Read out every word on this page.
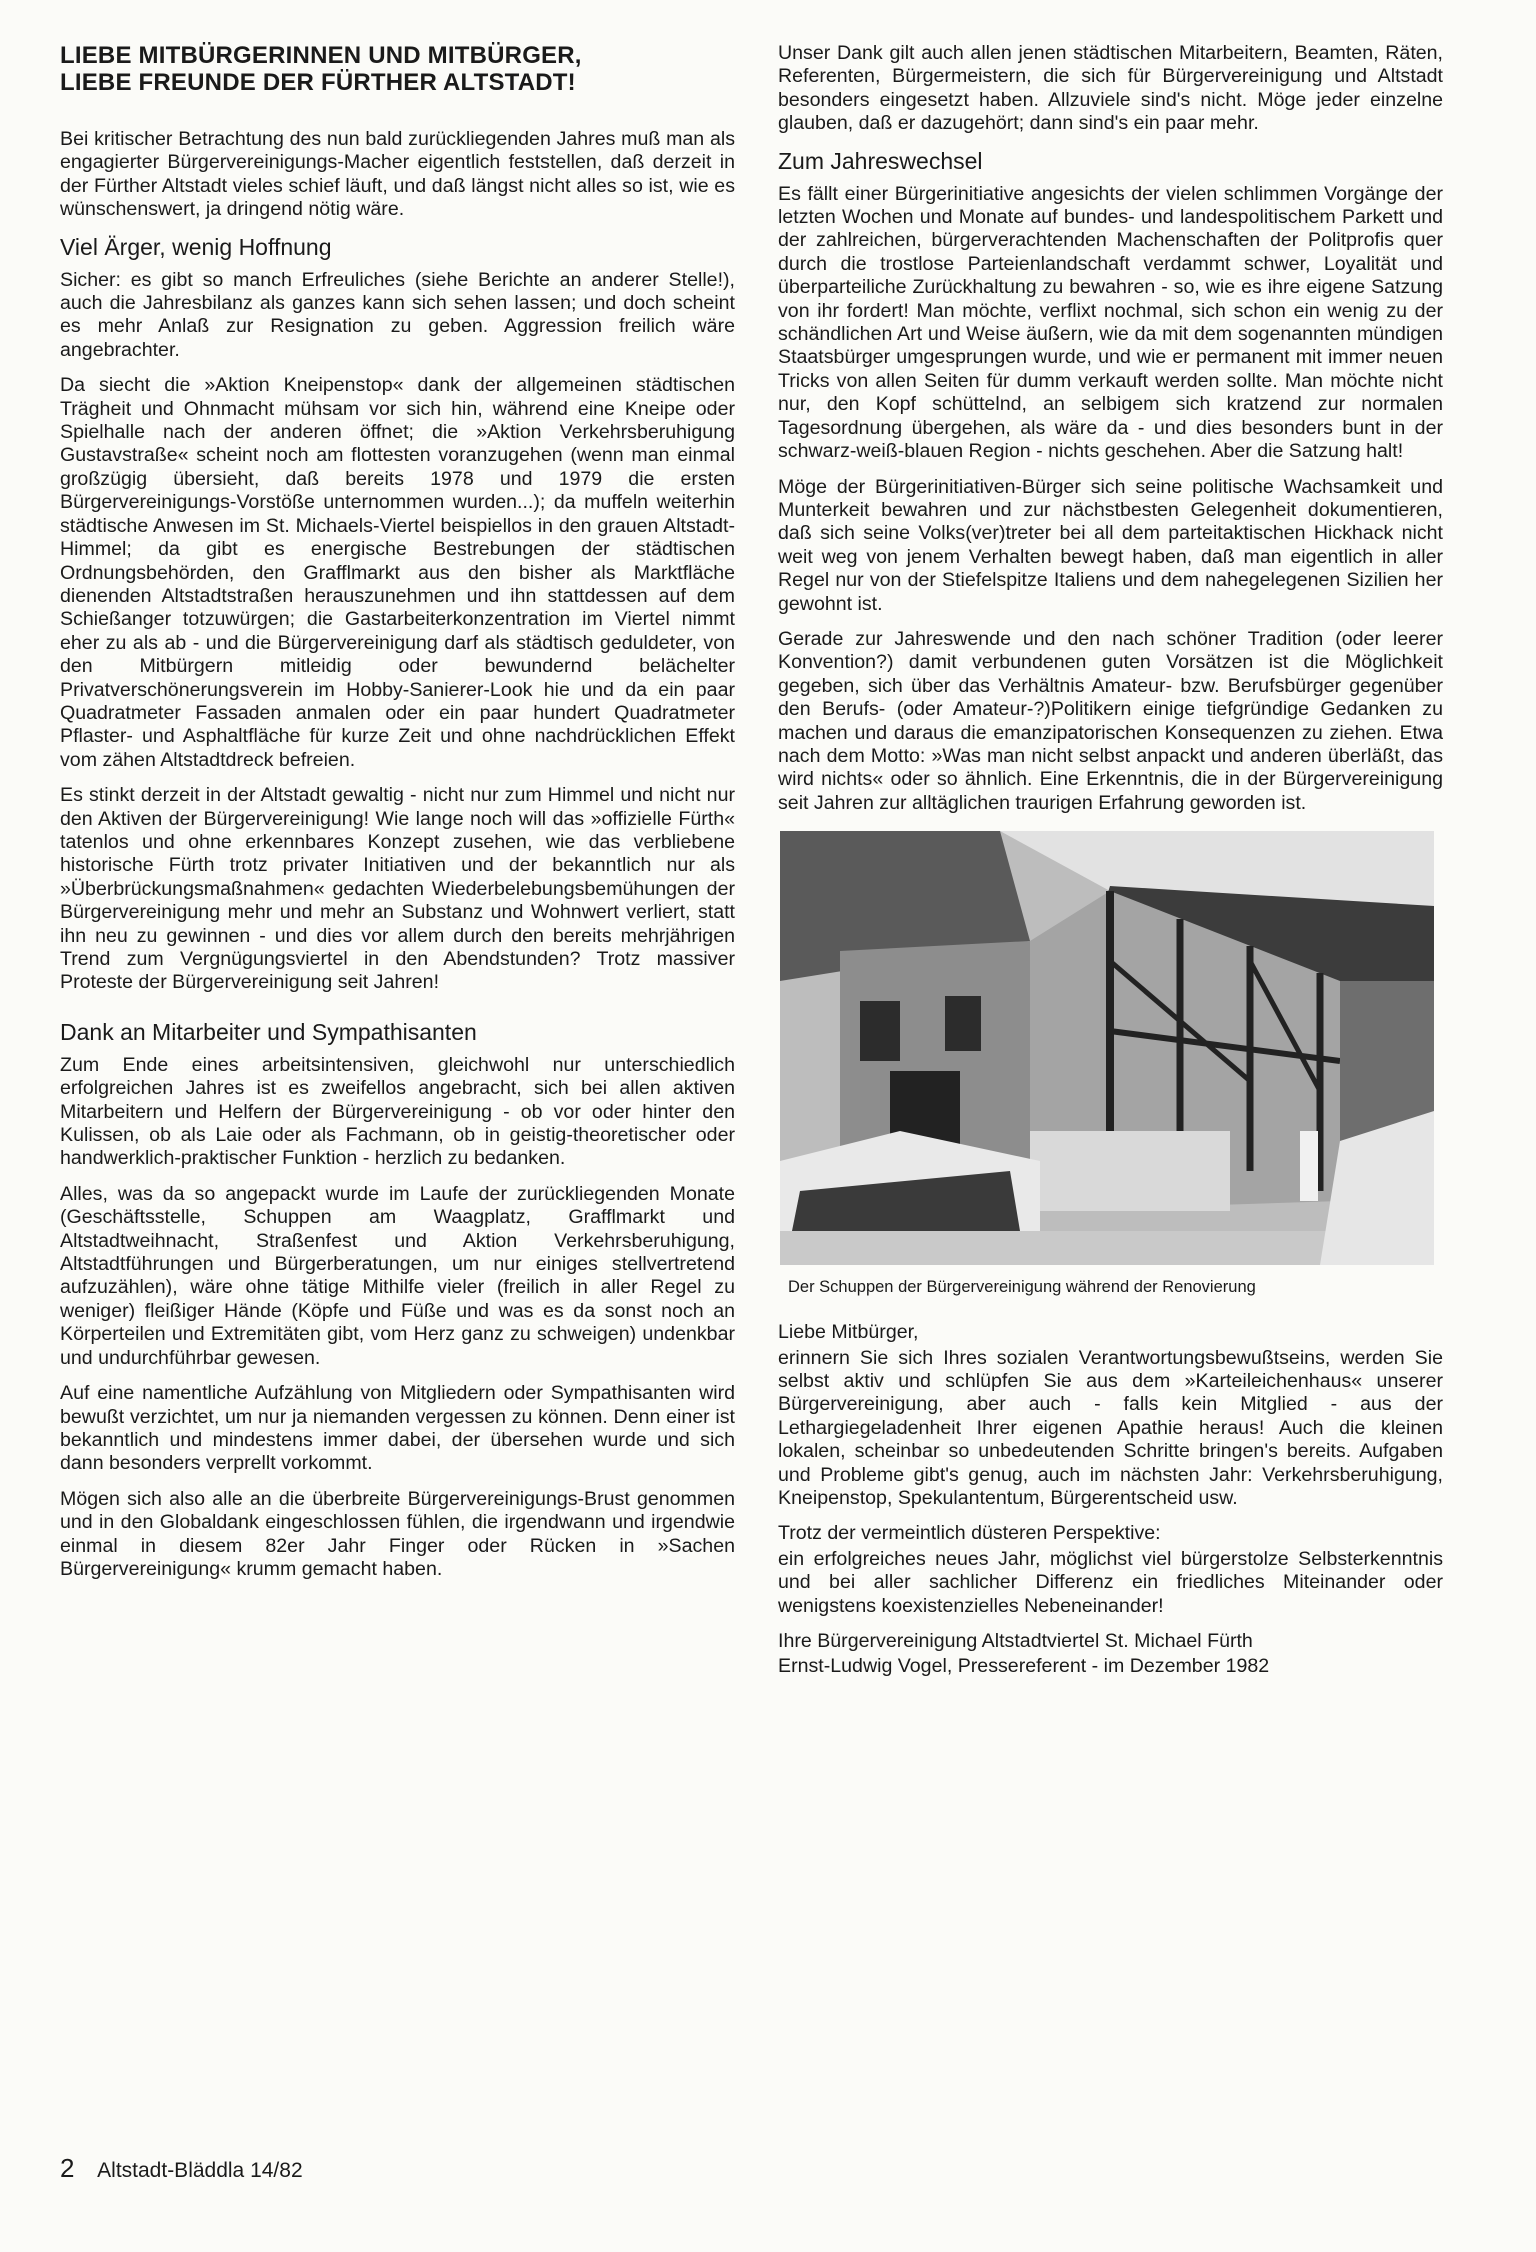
LIEBE MITBÜRGERINNEN UND MITBÜRGER,
LIEBE FREUNDE DER FÜRTHER ALTSTADT!

Bei kritischer Betrachtung des nun bald zurückliegenden Jahres muß man als engagierter Bürgervereinigungs-Macher eigentlich feststellen, daß derzeit in der Fürther Altstadt vieles schief läuft, und daß längst nicht alles so ist, wie es wünschenswert, ja dringend nötig wäre.

Viel Ärger, wenig Hoffnung

Sicher: es gibt so manch Erfreuliches (siehe Berichte an anderer Stelle!), auch die Jahresbilanz als ganzes kann sich sehen lassen; und doch scheint es mehr Anlaß zur Resignation zu geben. Aggression freilich wäre angebrachter.

Da siecht die »Aktion Kneipenstop« dank der allgemeinen städtischen Trägheit und Ohnmacht mühsam vor sich hin, während eine Kneipe oder Spielhalle nach der anderen öffnet; die »Aktion Verkehrsberuhigung Gustavstraße« scheint noch am flottesten voranzugehen (wenn man einmal großzügig übersieht, daß bereits 1978 und 1979 die ersten Bürgervereinigungs-Vorstöße unternommen wurden...); da muffeln weiterhin städtische Anwesen im St. Michaels-Viertel beispiellos in den grauen Altstadt-Himmel; da gibt es energische Bestrebungen der städtischen Ordnungsbehörden, den Grafflmarkt aus den bisher als Marktfläche dienenden Altstadtstraßen herauszunehmen und ihn stattdessen auf dem Schießanger totzuwürgen; die Gastarbeiterkonzentration im Viertel nimmt eher zu als ab - und die Bürgervereinigung darf als städtisch geduldeter, von den Mitbürgern mitleidig oder bewundernd belächelter Privatverschönerungsverein im Hobby-Sanierer-Look hie und da ein paar Quadratmeter Fassaden anmalen oder ein paar hundert Quadratmeter Pflaster- und Asphaltfläche für kurze Zeit und ohne nachdrücklichen Effekt vom zähen Altstadtdreck befreien.

Es stinkt derzeit in der Altstadt gewaltig - nicht nur zum Himmel und nicht nur den Aktiven der Bürgervereinigung! Wie lange noch will das »offizielle Fürth« tatenlos und ohne erkennbares Konzept zusehen, wie das verbliebene historische Fürth trotz privater Initiativen und der bekanntlich nur als »Überbrückungsmaßnahmen« gedachten Wiederbelebungsbemühungen der Bürgervereinigung mehr und mehr an Substanz und Wohnwert verliert, statt ihn neu zu gewinnen - und dies vor allem durch den bereits mehrjährigen Trend zum Vergnügungsviertel in den Abendstunden? Trotz massiver Proteste der Bürgervereinigung seit Jahren!

Dank an Mitarbeiter und Sympathisanten

Zum Ende eines arbeitsintensiven, gleichwohl nur unterschiedlich erfolgreichen Jahres ist es zweifellos angebracht, sich bei allen aktiven Mitarbeitern und Helfern der Bürgervereinigung - ob vor oder hinter den Kulissen, ob als Laie oder als Fachmann, ob in geistig-theoretischer oder handwerklich-praktischer Funktion - herzlich zu bedanken.

Alles, was da so angepackt wurde im Laufe der zurückliegenden Monate (Geschäftsstelle, Schuppen am Waagplatz, Grafflmarkt und Altstadtweihnacht, Straßenfest und Aktion Verkehrsberuhigung, Altstadtführungen und Bürgerberatungen, um nur einiges stellvertretend aufzuzählen), wäre ohne tätige Mithilfe vieler (freilich in aller Regel zu weniger) fleißiger Hände (Köpfe und Füße und was es da sonst noch an Körperteilen und Extremitäten gibt, vom Herz ganz zu schweigen) undenkbar und undurchführbar gewesen.

Auf eine namentliche Aufzählung von Mitgliedern oder Sympathisanten wird bewußt verzichtet, um nur ja niemanden vergessen zu können. Denn einer ist bekanntlich und mindestens immer dabei, der übersehen wurde und sich dann besonders verprellt vorkommt.

Mögen sich also alle an die überbreite Bürgervereinigungs-Brust genommen und in den Globaldank eingeschlossen fühlen, die irgendwann und irgendwie einmal in diesem 82er Jahr Finger oder Rücken in »Sachen Bürgervereinigung« krumm gemacht haben.

Unser Dank gilt auch allen jenen städtischen Mitarbeitern, Beamten, Räten, Referenten, Bürgermeistern, die sich für Bürgervereinigung und Altstadt besonders eingesetzt haben. Allzuviele sind's nicht. Möge jeder einzelne glauben, daß er dazugehört; dann sind's ein paar mehr.

Zum Jahreswechsel

Es fällt einer Bürgerinitiative angesichts der vielen schlimmen Vorgänge der letzten Wochen und Monate auf bundes- und landespolitischem Parkett und der zahlreichen, bürgerverachtenden Machenschaften der Politprofis quer durch die trostlose Parteienlandschaft verdammt schwer, Loyalität und überparteiliche Zurückhaltung zu bewahren - so, wie es ihre eigene Satzung von ihr fordert! Man möchte, verflixt nochmal, sich schon ein wenig zu der schändlichen Art und Weise äußern, wie da mit dem sogenannten mündigen Staatsbürger umgesprungen wurde, und wie er permanent mit immer neuen Tricks von allen Seiten für dumm verkauft werden sollte. Man möchte nicht nur, den Kopf schüttelnd, an selbigem sich kratzend zur normalen Tagesordnung übergehen, als wäre da - und dies besonders bunt in der schwarz-weiß-blauen Region - nichts geschehen. Aber die Satzung halt!

Möge der Bürgerinitiativen-Bürger sich seine politische Wachsamkeit und Munterkeit bewahren und zur nächstbesten Gelegenheit dokumentieren, daß sich seine Volks(ver)treter bei all dem parteitaktischen Hickhack nicht weit weg von jenem Verhalten bewegt haben, daß man eigentlich in aller Regel nur von der Stiefelspitze Italiens und dem nahegelegenen Sizilien her gewohnt ist.

Gerade zur Jahreswende und den nach schöner Tradition (oder leerer Konvention?) damit verbundenen guten Vorsätzen ist die Möglichkeit gegeben, sich über das Verhältnis Amateur- bzw. Berufsbürger gegenüber den Berufs- (oder Amateur-?)Politikern einige tiefgründige Gedanken zu machen und daraus die emanzipatorischen Konsequenzen zu ziehen. Etwa nach dem Motto: »Was man nicht selbst anpackt und anderen überläßt, das wird nichts« oder so ähnlich. Eine Erkenntnis, die in der Bürgervereinigung seit Jahren zur alltäglichen traurigen Erfahrung geworden ist.

Der Schuppen der Bürgervereinigung während der Renovierung

Liebe Mitbürger,

erinnern Sie sich Ihres sozialen Verantwortungsbewußtseins, werden Sie selbst aktiv und schlüpfen Sie aus dem »Karteileichenhaus« unserer Bürgervereinigung, aber auch - falls kein Mitglied - aus der Lethargiegeladenheit Ihrer eigenen Apathie heraus! Auch die kleinen lokalen, scheinbar so unbedeutenden Schritte bringen's bereits. Aufgaben und Probleme gibt's genug, auch im nächsten Jahr: Verkehrsberuhigung, Kneipenstop, Spekulantentum, Bürgerentscheid usw.

Trotz der vermeintlich düsteren Perspektive:

ein erfolgreiches neues Jahr, möglichst viel bürgerstolze Selbsterkenntnis und bei aller sachlicher Differenz ein friedliches Miteinander oder wenigstens koexistenzielles Nebeneinander!

Ihre Bürgervereinigung Altstadtviertel St. Michael Fürth

Ernst-Ludwig Vogel, Pressereferent - im Dezember 1982

2 Altstadt-Bläddla 14/82
